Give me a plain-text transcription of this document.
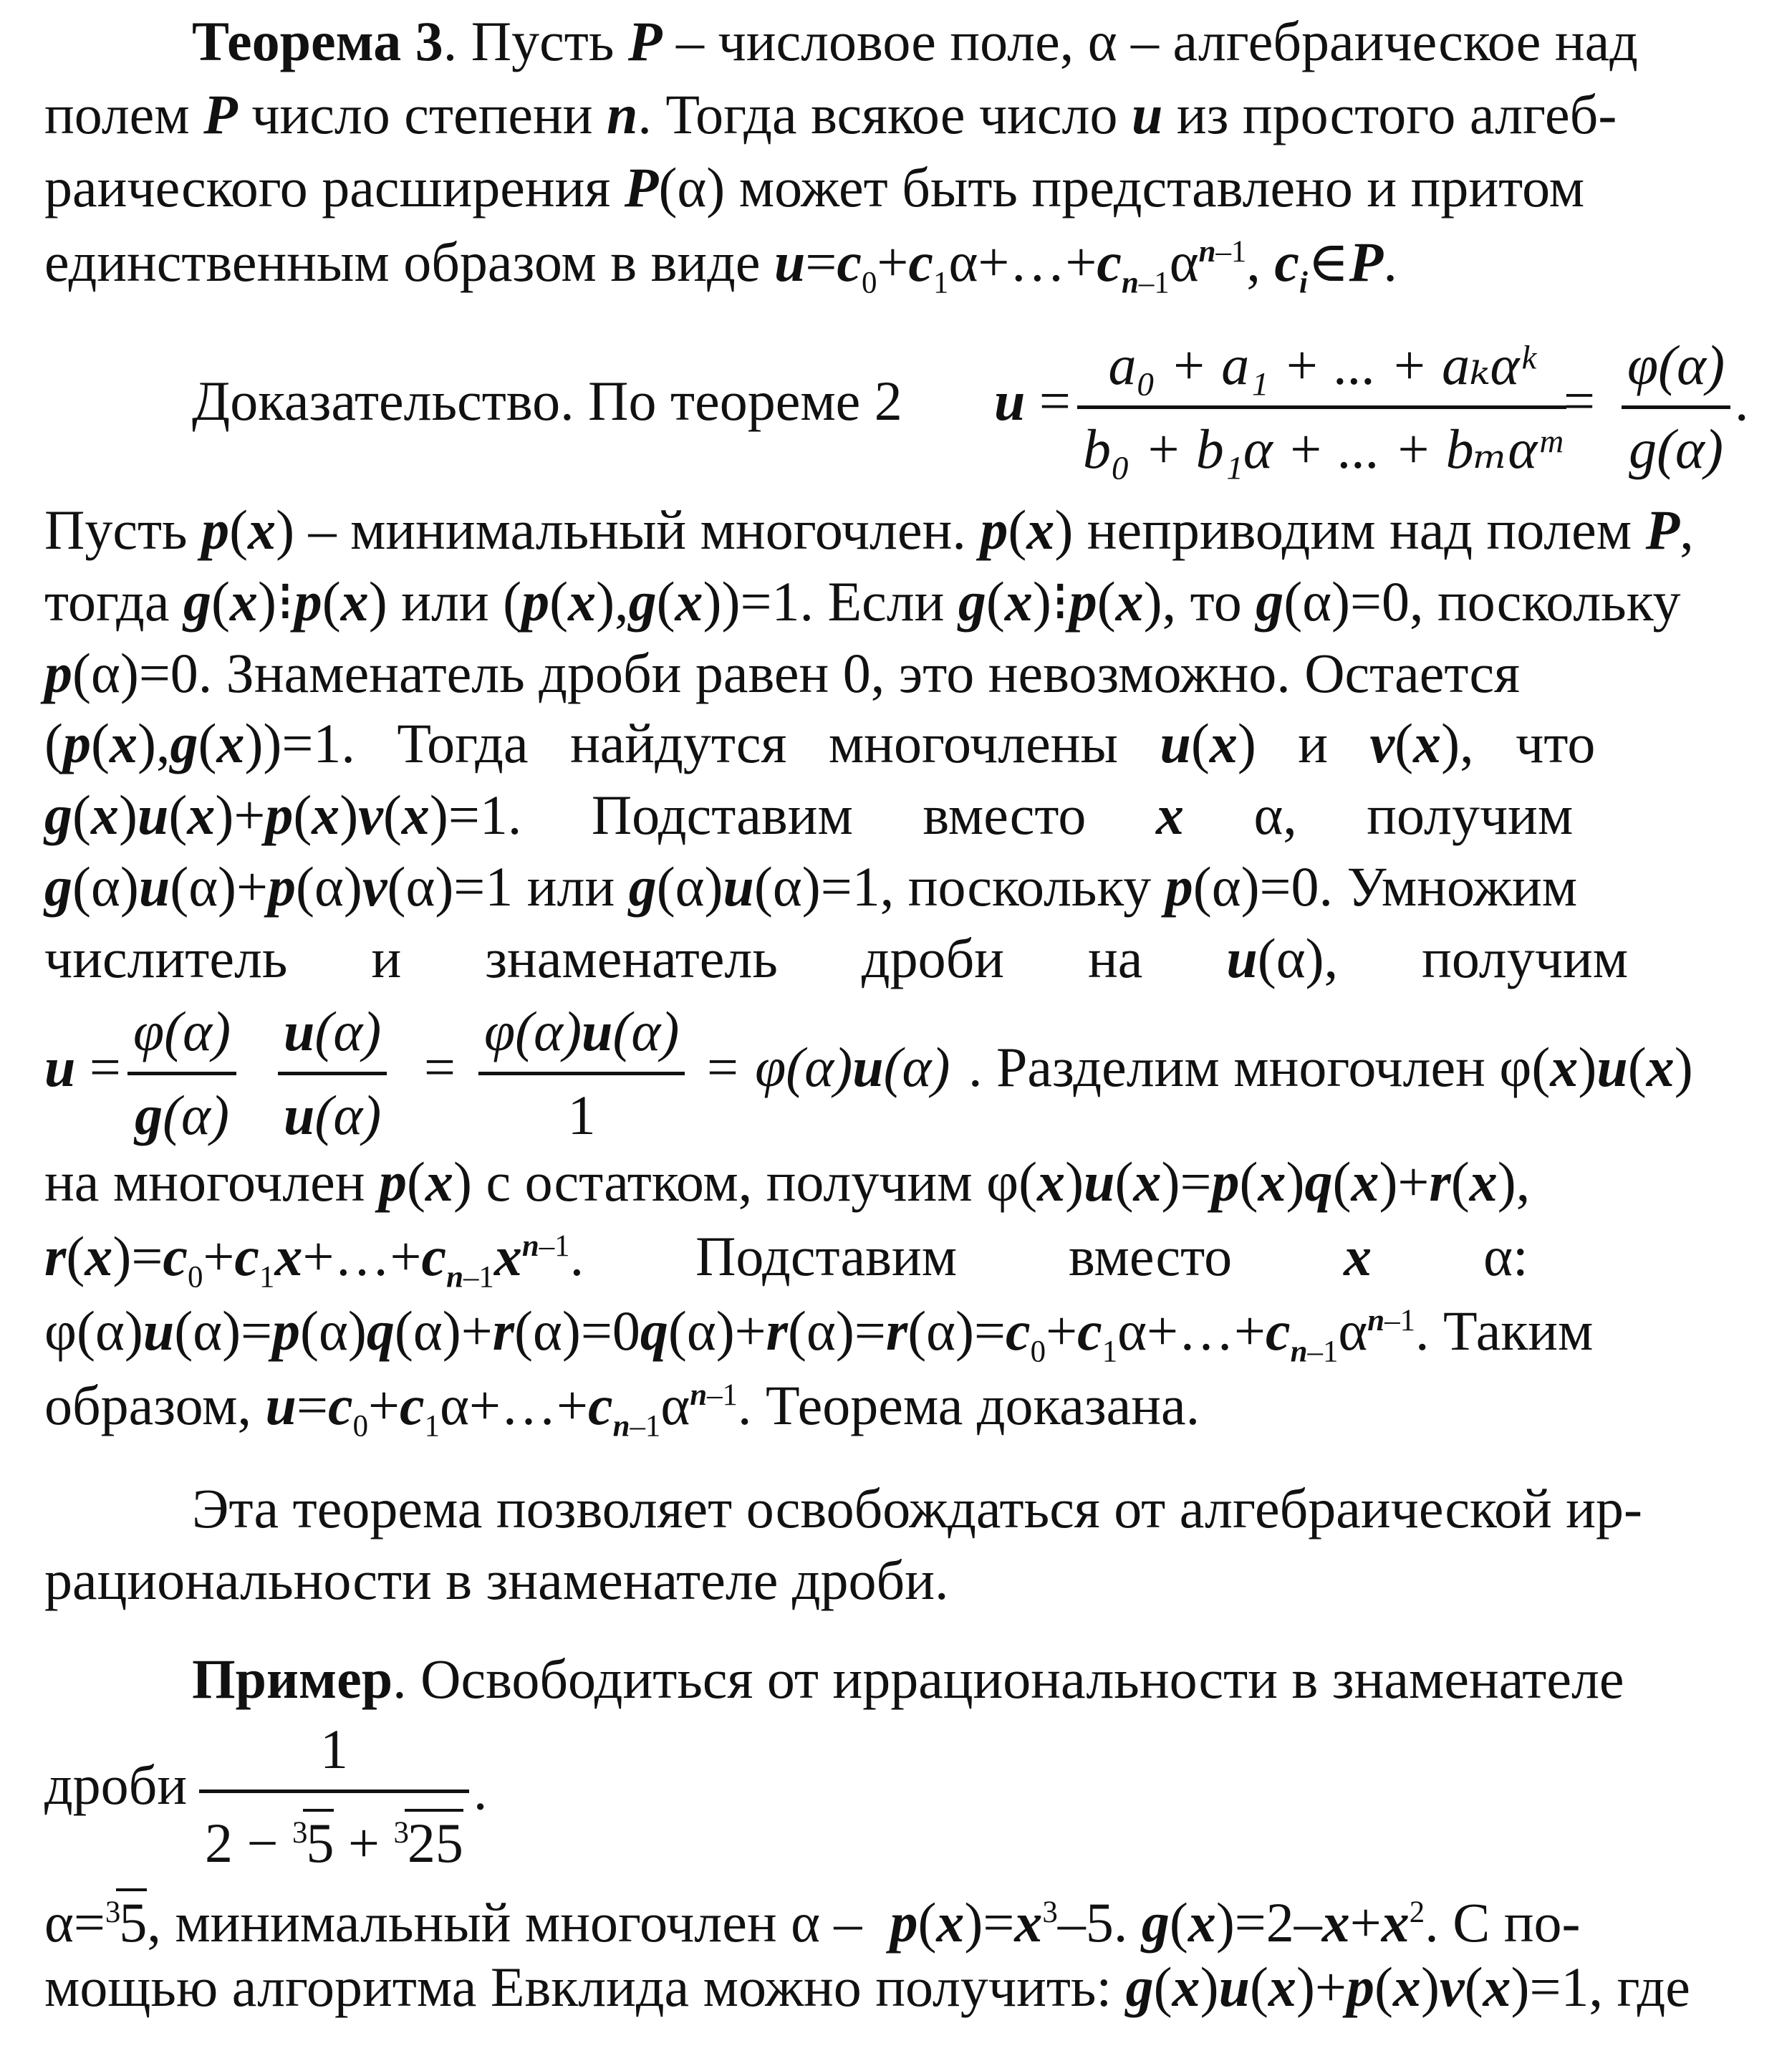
Теорема 3. Пусть P – числовое поле, α – алгебраическое над
полем P число степени n. Тогда всякое число u из простого алгеб-
раического расширения P(α) может быть представлено и притом
единственным образом в виде $u=c_0+c_1\alpha+\dots+c_{n-1}\alpha^{n-1}$, $c_i\in P$.
Доказательство. По теореме 2 $u = \frac{\text{a₀ + a₁ + ... + aₖαᵏ}}{\text{b₀ + b₁α + ... + bₘαᵐ}}$
= $\frac{\varphi(\alpha)}{g(\alpha)}$ .
Пусть p(x) – минимальный многочлен. p(x) неприводим над полем P,
тогда g(x)⁝p(x) или (p(x),g(x))=1. Если g(x)⁝p(x), то g(α)=0, поскольку
p(α)=0. Знаменатель дроби равен 0, это невозможно. Остается
(p(x),g(x))=1.   Тогда   найдутся   многочлены   u(x)   и   v(x),   что
g(x)u(x)+p(x)v(x)=1.     Подставим     вместо     x     α,     получим
g(α)u(α)+p(α)v(α)=1 или g(α)u(α)=1, поскольку p(α)=0. Умножим
числитель      и      знаменатель      дроби      на      u(α),      получим
$u = \frac{\varphi(\alpha)}{g(\alpha)} \frac{u(\alpha)}{u(\alpha)} = \frac{\varphi(\alpha)u(\alpha)}{1} = \varphi(\alpha)u(\alpha)$ . Разделим многочлен φ(x)u(x)
на многочлен p(x) с остатком, получим φ(x)u(x)=p(x)q(x)+r(x),
$r(x)=c_0+c_1x+\dots+c_{n-1}x^{n-1}$.        Подставим        вместо        x        α:
$\varphi(\alpha)u(\alpha)=p(\alpha)q(\alpha)+r(\alpha)=0q(\alpha)+r(\alpha)=r(\alpha)=c_0+c_1\alpha+\dots+c_{n-1}\alpha^{n-1}$. Таким
образом, $u=c_0+c_1\alpha+\dots+c_{n-1}\alpha^{n-1}$. Теорема доказана.
Эта теорема позволяет освобождаться от алгебраической ир-
рациональности в знаменателе дроби.
Пример. Освободиться от иррациональности в знаменателе
дроби $\frac{1}{2 - ^35 + ^325}$ .
α=$^3$5, минимальный многочлен $\alpha - p(x)=x^3-5$. $g(x)=2-x+x^2$. С по-
мощью алгоритма Евклида можно получить: g(x)u(x)+p(x)v(x)=1, где
